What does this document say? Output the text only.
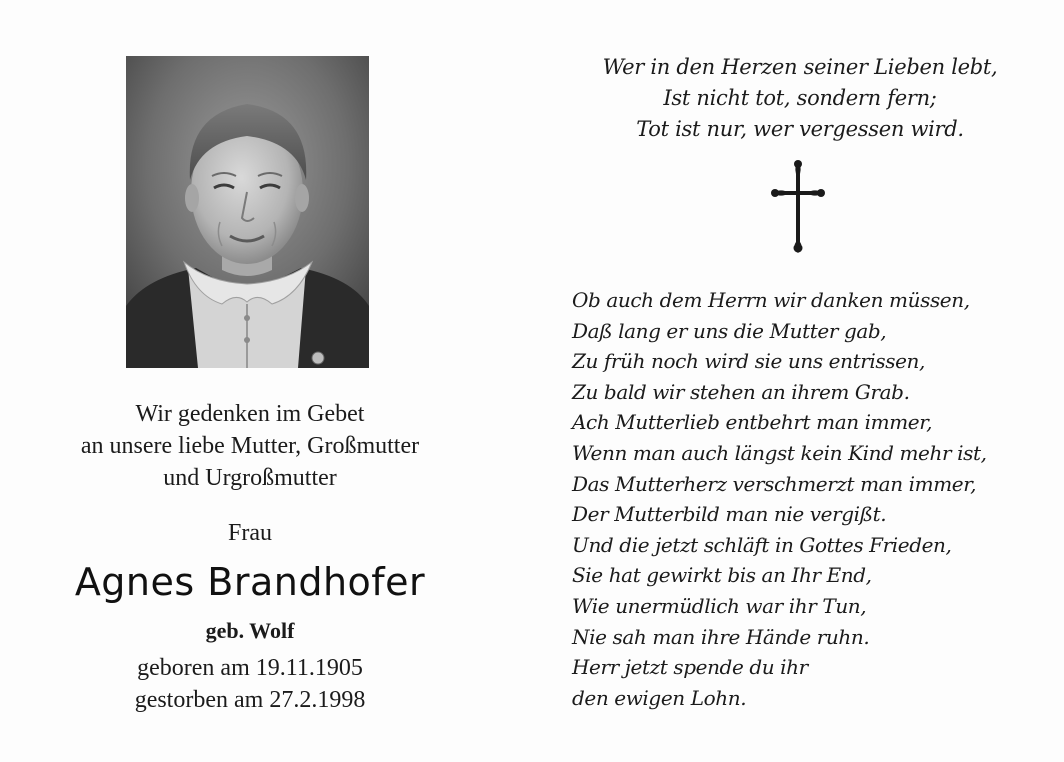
Wir gedenken im Gebet
an unsere liebe Mutter, Großmutter
und Urgroßmutter
Frau
Agnes Brandhofer
geb. Wolf
geboren am 19.11.1905
gestorben am 27.2.1998
Wer in den Herzen seiner Lieben lebt,
Ist nicht tot, sondern fern;
Tot ist nur, wer vergessen wird.
Ob auch dem Herrn wir danken müssen,
Daß lang er uns die Mutter gab,
Zu früh noch wird sie uns entrissen,
Zu bald wir stehen an ihrem Grab.
Ach Mutterlieb entbehrt man immer,
Wenn man auch längst kein Kind mehr ist,
Das Mutterherz verschmerzt man immer,
Der Mutterbild man nie vergißt.
Und die jetzt schläft in Gottes Frieden,
Sie hat gewirkt bis an Ihr End,
Wie unermüdlich war ihr Tun,
Nie sah man ihre Hände ruhn.
Herr jetzt spende du ihr
den ewigen Lohn.
